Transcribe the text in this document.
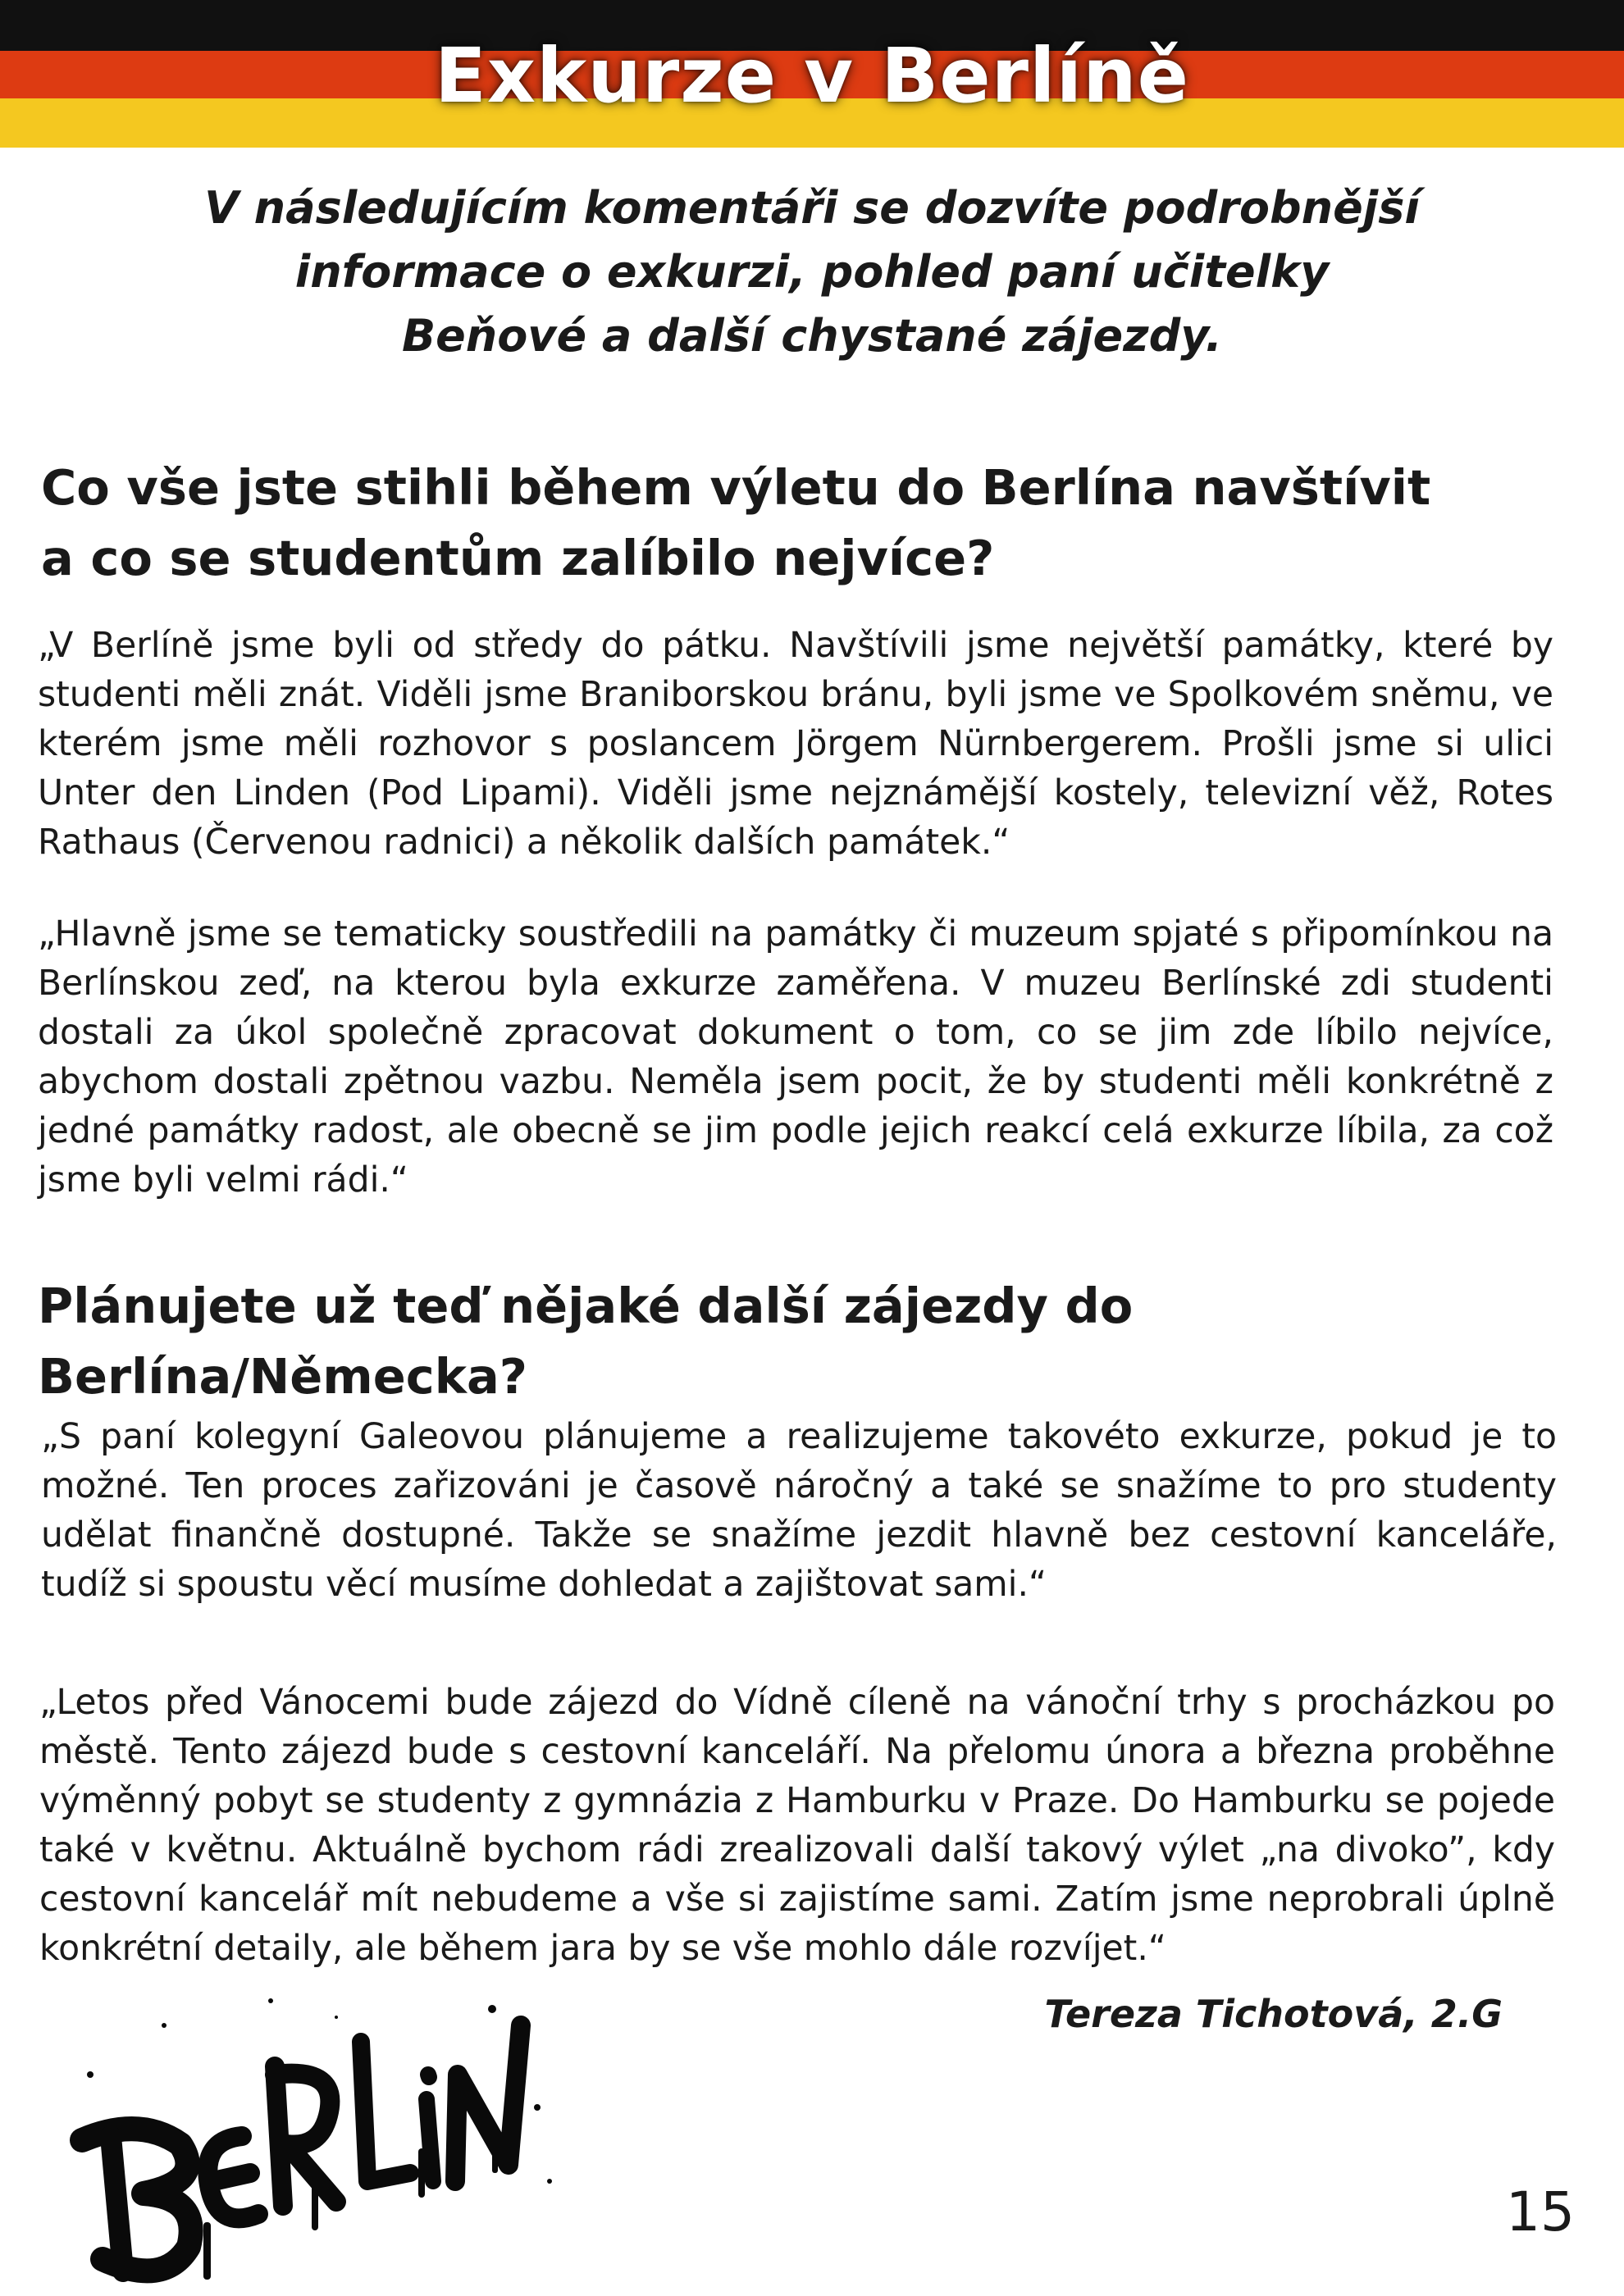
Exkurze v Berlíně

V následujícím komentáři se dozvíte podrobnější informace o exkurzi, pohled paní učitelky Beňové a další chystané zájezdy.

Co vše jste stihli během výletu do Berlína navštívit a co se studentům zalíbilo nejvíce?

„V Berlíně jsme byli od středy do pátku. Navštívili jsme největší památky, které by studenti měli znát. Viděli jsme Braniborskou bránu, byli jsme ve Spolkovém sněmu, ve kterém jsme měli rozhovor s poslancem Jörgem Nürnbergerem. Prošli jsme si ulici Unter den Linden (Pod Lipami). Viděli jsme nejznámější kostely, televizní věž, Rotes Rathaus (Červenou radnici) a několik dalších památek.“

„Hlavně jsme se tematicky soustředili na památky či muzeum spjaté s připomínkou na Berlínskou zeď, na kterou byla exkurze zaměřena. V muzeu Berlínské zdi studenti dostali za úkol společně zpracovat dokument o tom, co se jim zde líbilo nejvíce, abychom dostali zpětnou vazbu. Neměla jsem pocit, že by studenti měli konkrétně z jedné památky radost, ale obecně se jim podle jejich reakcí celá exkurze líbila, za což jsme byli velmi rádi.“

Plánujete už teď nějaké další zájezdy do Berlína/Německa?

„S paní kolegyní Galeovou plánujeme a realizujeme takovéto exkurze, pokud je to možné. Ten proces zařizováni je časově náročný a také se snažíme to pro studenty udělat finančně dostupné. Takže se snažíme jezdit hlavně bez cestovní kanceláře, tudíž si spoustu věcí musíme dohledat a zajištovat sami.“

„Letos před Vánocemi bude zájezd do Vídně cíleně na vánoční trhy s procházkou po městě. Tento zájezd bude s cestovní kanceláří. Na přelomu února a března proběhne výměnný pobyt se studenty z gymnázia z Hamburku v Praze. Do Hamburku se pojede také v květnu. Aktuálně bychom rádi zrealizovali další takový výlet „na divoko”, kdy cestovní kancelář mít nebudeme a vše si zajistíme sami. Zatím jsme neprobrali úplně konkrétní detaily, ale během jara by se vše mohlo dále rozvíjet.“

Tereza Tichotová, 2.G
15
